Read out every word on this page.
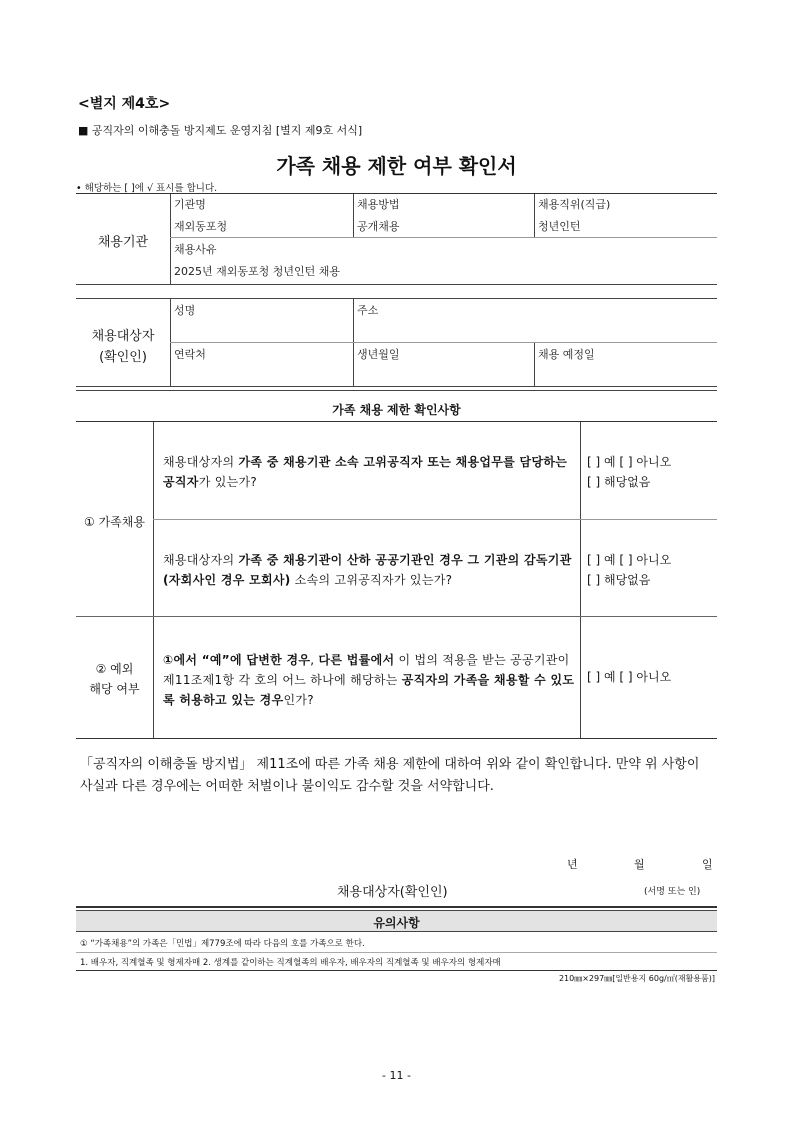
<별지 제4호>
■ 공직자의 이해충돌 방지제도 운영지침 [별지 제9호 서식]
가족 채용 제한 여부 확인서
• 해당하는 [ ]에 √ 표시를 합니다.
채용기관
기관명	채용방법	채용직위(직급)
재외동포청	공개채용	청년인턴
채용사유
2025년 재외동포청 청년인턴 채용
채용대상자
(확인인)
성명	주소
연락처	생년월일	채용 예정일
가족 채용 제한 확인사항
① 가족채용
채용대상자의 가족 중 채용기관 소속 고위공직자 또는 채용업무를 담당하는 공직자가 있는가?
[ ] 예 [ ] 아니오
[ ] 해당없음
채용대상자의 가족 중 채용기관이 산하 공공기관인 경우 그 기관의 감독기관(자회사인 경우 모회사) 소속의 고위공직자가 있는가?
[ ] 예 [ ] 아니오
[ ] 해당없음
② 예외
해당 여부
①에서 “예”에 답변한 경우, 다른 법률에서 이 법의 적용을 받는 공공기관이 제11조제1항 각 호의 어느 하나에 해당하는 공직자의 가족을 채용할 수 있도록 허용하고 있는 경우인가?
[ ] 예 [ ] 아니오
「공직자의 이해충돌 방지법」 제11조에 따른 가족 채용 제한에 대하여 위와 같이 확인합니다. 만약 위 사항이 사실과 다른 경우에는 어떠한 처벌이나 불이익도 감수할 것을 서약합니다.
년	월	일
채용대상자(확인인)	(서명 또는 인)
유의사항
① “가족채용”의 가족은「민법」제779조에 따라 다음의 호를 가족으로 한다.
1. 배우자, 직계혈족 및 형제자매 2. 생계를 같이하는 직계혈족의 배우자, 배우자의 직계혈족 및 배우자의 형제자매
210㎜×297㎜[일반용지 60g/㎡(재활용품)]
- 11 -
